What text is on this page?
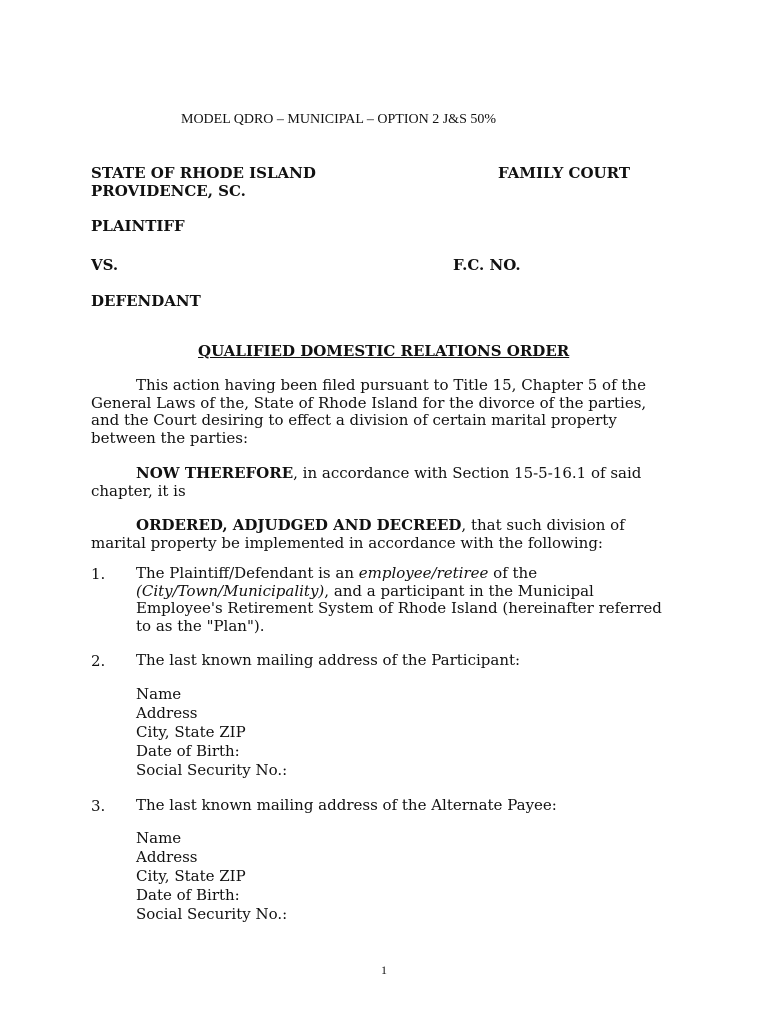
MODEL QDRO – MUNICIPAL – OPTION 2 J&S 50%
STATE OF RHODE ISLAND	FAMILY COURT
PROVIDENCE, SC.
PLAINTIFF
VS.	F.C. NO.
DEFENDANT
QUALIFIED DOMESTIC RELATIONS ORDER
This action having been filed pursuant to Title 15, Chapter 5 of the General Laws of the, State of Rhode Island for the divorce of the parties, and the Court desiring to effect a division of certain marital property between the parties:
NOW THEREFORE, in accordance with Section 15-5-16.1 of said chapter, it is
ORDERED, ADJUDGED AND DECREED, that such division of marital property be implemented in accordance with the following:
1. The Plaintiff/Defendant is an employee/retiree of the (City/Town/Municipality), and a participant in the Municipal Employee's Retirement System of Rhode Island (hereinafter referred to as the "Plan").
2. The last known mailing address of the Participant:
Name
Address
City, State ZIP
Date of Birth:
Social Security No.:
3. The last known mailing address of the Alternate Payee:
Name
Address
City, State ZIP
Date of Birth:
Social Security No.:
1
